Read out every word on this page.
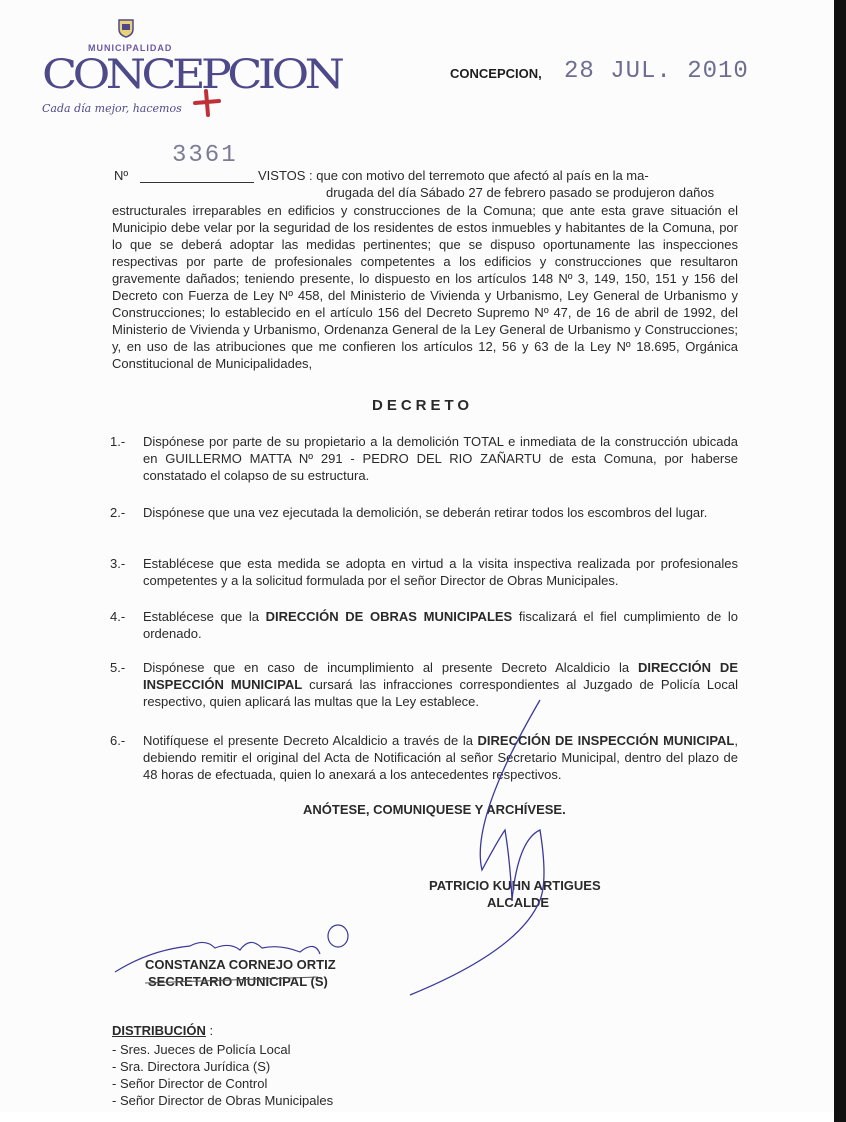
MUNICIPALIDAD
CONCEPCION
Cada día mejor, hacemos
CONCEPCION, 28 JUL. 2010
3361
Nº	VISTOS : que con motivo del terremoto que afectó al país en la ma-
drugada del día Sábado 27 de febrero pasado se produjeron daños
estructurales irreparables en edificios y construcciones de la Comuna; que ante esta grave situación el Municipio debe velar por la seguridad de los residentes de estos inmuebles y habitantes de la Comuna, por lo que se deberá adoptar las medidas pertinentes; que se dispuso oportunamente las inspecciones respectivas por parte de profesionales competentes a los edificios y construcciones que resultaron gravemente dañados; teniendo presente, lo dispuesto en los artículos 148 Nº 3, 149, 150, 151 y 156 del Decreto con Fuerza de Ley Nº 458, del Ministerio de Vivienda y Urbanismo, Ley General de Urbanismo y Construcciones; lo establecido en el artículo 156 del Decreto Supremo Nº 47, de 16 de abril de 1992, del Ministerio de Vivienda y Urbanismo, Ordenanza General de la Ley General de Urbanismo y Construcciones; y, en uso de las atribuciones que me confieren los artículos 12, 56 y 63 de la Ley Nº 18.695, Orgánica Constitucional de Municipalidades,
DECRETO
1.-	Dispónese por parte de su propietario a la demolición TOTAL e inmediata de la construcción ubicada en GUILLERMO MATTA Nº 291 - PEDRO DEL RIO ZAÑARTU de esta Comuna, por haberse constatado el colapso de su estructura.
2.-	Dispónese que una vez ejecutada la demolición, se deberán retirar todos los escombros del lugar.
3.-	Establécese que esta medida se adopta en virtud a la visita inspectiva realizada por profesionales competentes y a la solicitud formulada por el señor Director de Obras Municipales.
4.-	Establécese que la DIRECCIÓN DE OBRAS MUNICIPALES fiscalizará el fiel cumplimiento de lo ordenado.
5.-	Dispónese que en caso de incumplimiento al presente Decreto Alcaldicio la DIRECCIÓN DE INSPECCIÓN MUNICIPAL cursará las infracciones correspondientes al Juzgado de Policía Local respectivo, quien aplicará las multas que la Ley establece.
6.-	Notifíquese el presente Decreto Alcaldicio a través de la DIRECCIÓN DE INSPECCIÓN MUNICIPAL, debiendo remitir el original del Acta de Notificación al señor Secretario Municipal, dentro del plazo de 48 horas de efectuada, quien lo anexará a los antecedentes respectivos.
ANÓTESE, COMUNIQUESE Y ARCHÍVESE.
PATRICIO KUHN ARTIGUES
ALCALDE
CONSTANZA CORNEJO ORTIZ
SECRETARIO MUNICIPAL (S)
DISTRIBUCIÓN :
- Sres. Jueces de Policía Local
- Sra. Directora Jurídica (S)
- Señor Director de Control
- Señor Director de Obras Municipales
